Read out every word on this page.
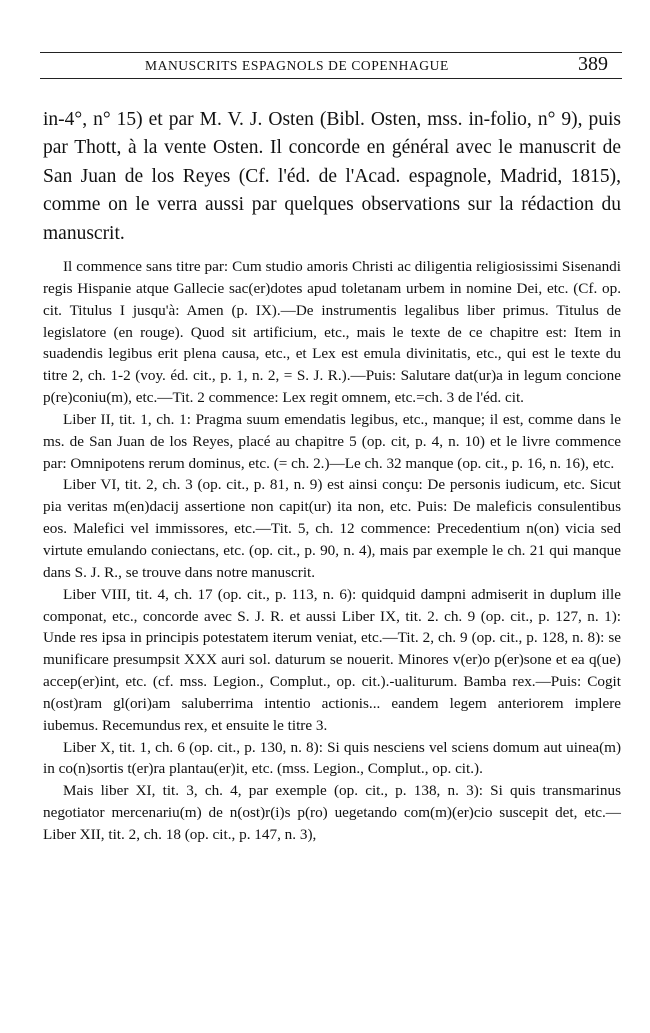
MANUSCRITS ESPAGNOLS DE COPENHAGUE	389

in-4°, n° 15) et par M. V. J. Osten (Bibl. Osten, mss. in-folio, n° 9), puis par Thott, à la vente Osten. Il concorde en général avec le manuscrit de San Juan de los Reyes (Cf. l'éd. de l'Acad. espagnole, Madrid, 1815), comme on le verra aussi par quelques observations sur la rédaction du manuscrit.

Il commence sans titre par: Cum studio amoris Christi ac diligentia religiosissimi Sisenandi regis Hispanie atque Gallecie sac(er)dotes apud toletanam urbem in nomine Dei, etc. (Cf. op. cit. Titulus I jusqu'à: Amen (p. IX).—De instrumentis legalibus liber primus. Titulus de legislatore (en rouge). Quod sit artificium, etc., mais le texte de ce chapitre est: Item in suadendis legibus erit plena causa, etc., et Lex est emula divinitatis, etc., qui est le texte du titre 2, ch. 1-2 (voy. éd. cit., p. 1, n. 2, = S. J. R.).—Puis: Salutare dat(ur)a in legum concione p(re)coniu(m), etc.—Tit. 2 commence: Lex regit omnem, etc.=ch. 3 de l'éd. cit.

Liber II, tit. 1, ch. 1: Pragma suum emendatis legibus, etc., manque; il est, comme dans le ms. de San Juan de los Reyes, placé au chapitre 5 (op. cit, p. 4, n. 10) et le livre commence par: Omnipotens rerum dominus, etc. (= ch. 2.)—Le ch. 32 manque (op. cit., p. 16, n. 16), etc.

Liber VI, tit. 2, ch. 3 (op. cit., p. 81, n. 9) est ainsi conçu: De personis iudicum, etc. Sicut pia veritas m(en)dacij assertione non capit(ur) ita non, etc. Puis: De maleficis consulentibus eos. Malefici vel immissores, etc.—Tit. 5, ch. 12 commence: Precedentium n(on) vicia sed virtute emulando coniectans, etc. (op. cit., p. 90, n. 4), mais par exemple le ch. 21 qui manque dans S. J. R., se trouve dans notre manuscrit.

Liber VIII, tit. 4, ch. 17 (op. cit., p. 113, n. 6): quidquid dampni admiserit in duplum ille componat, etc., concorde avec S. J. R. et aussi Liber IX, tit. 2. ch. 9 (op. cit., p. 127, n. 1): Unde res ipsa in principis potestatem iterum veniat, etc.—Tit. 2, ch. 9 (op. cit., p. 128, n. 8): se munificare presumpsit XXX auri sol. daturum se nouerit. Minores v(er)o p(er)sone et ea q(ue) accep(er)int, etc. (cf. mss. Legion., Complut., op. cit.).-ualiturum. Bamba rex.—Puis: Cogit n(ost)ram gl(ori)am saluberrima intentio actionis... eandem legem anteriorem implere iubemus. Recemundus rex, et ensuite le titre 3.

Liber X, tit. 1, ch. 6 (op. cit., p. 130, n. 8): Si quis nesciens vel sciens domum aut uinea(m) in co(n)sortis t(er)ra plantau(er)it, etc. (mss. Legion., Complut., op. cit.).

Mais liber XI, tit. 3, ch. 4, par exemple (op. cit., p. 138, n. 3): Si quis transmarinus negotiator mercenariu(m) de n(ost)r(i)s p(ro) uegetando com(m)(er)cio suscepit det, etc.—Liber XII, tit. 2, ch. 18 (op. cit., p. 147, n. 3),
